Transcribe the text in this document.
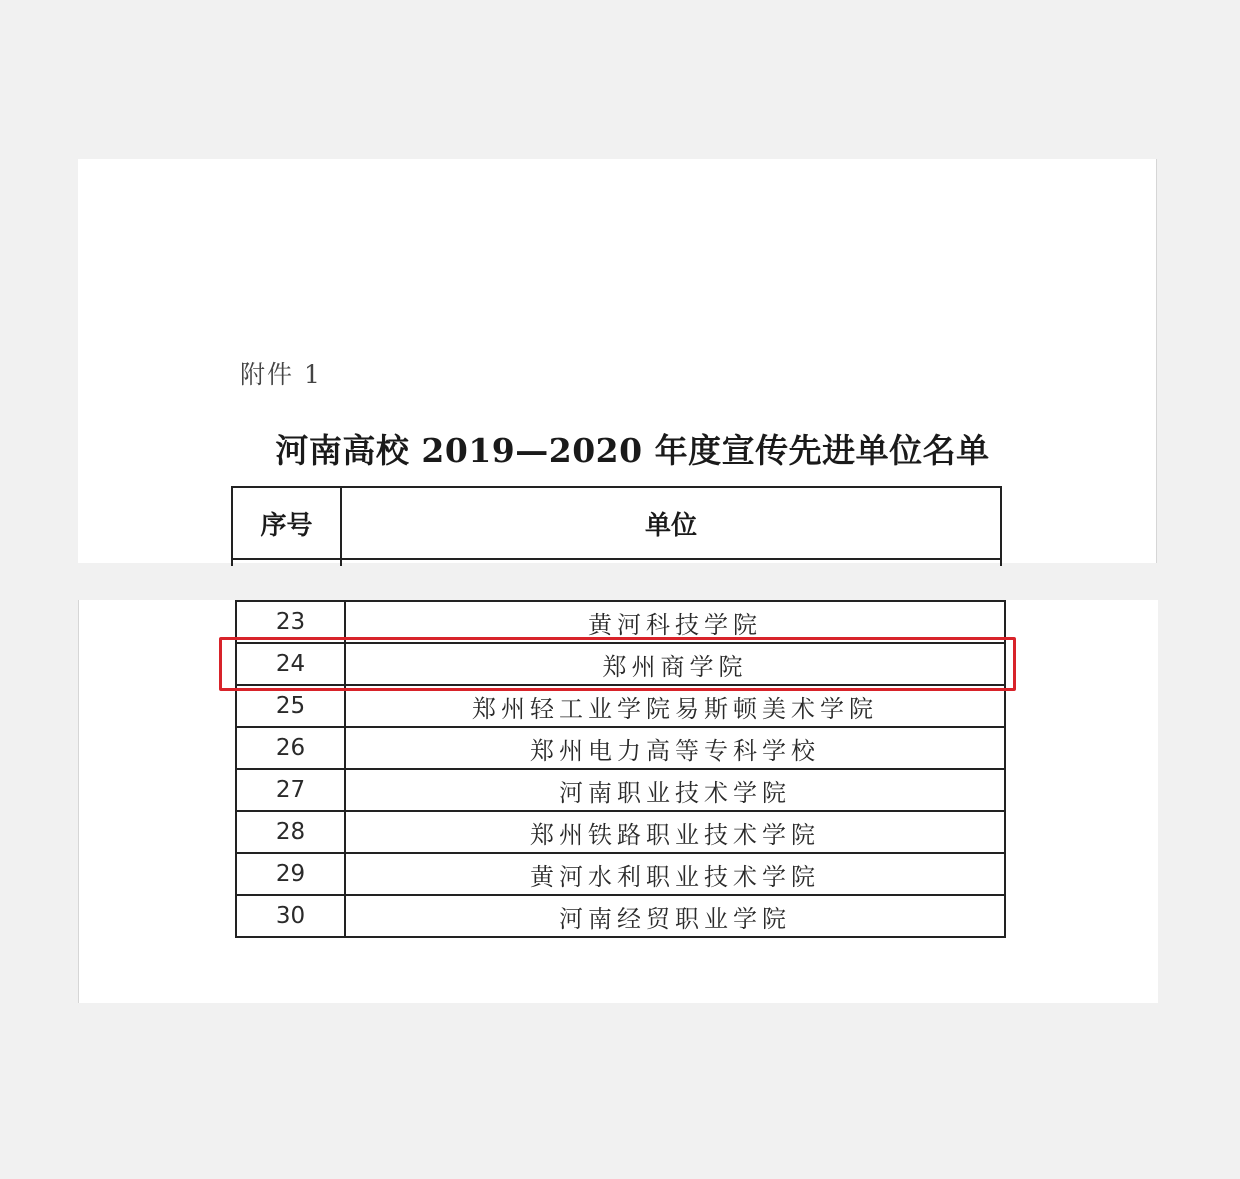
附件 1

河南高校 2019—2020 年度宣传先进单位名单
序号	单位

23	黄河科技学院
24	郑州商学院
25	郑州轻工业学院易斯顿美术学院
26	郑州电力高等专科学校
27	河南职业技术学院
28	郑州铁路职业技术学院
29	黄河水利职业技术学院
30	河南经贸职业学院
